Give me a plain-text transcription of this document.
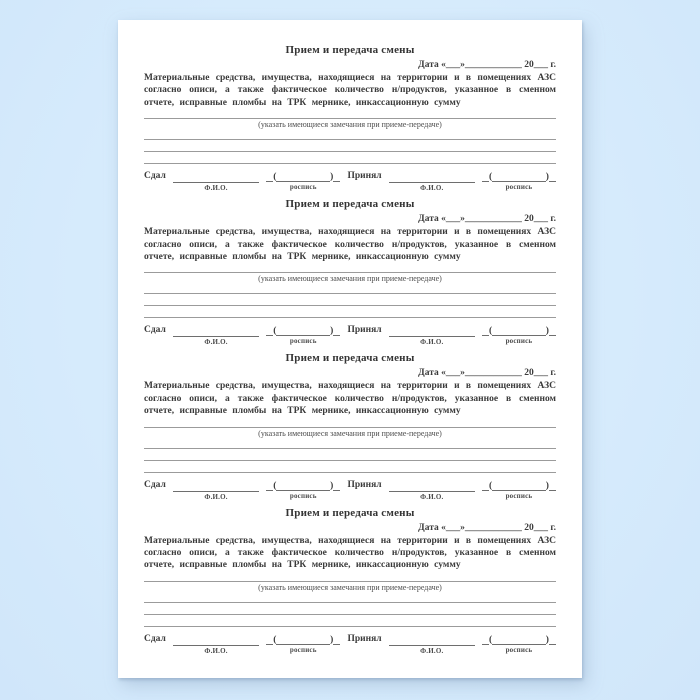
Прием и передача смены
Дата «___»____________ 20___ г.
Материальные средства, имущества, находящиеся на территории и в помещениях АЗС
согласно описи, а также фактическое количество н/продуктов, указанное в сменном
отчете, исправные пломбы на ТРК мернике, инкассационную сумму
(указать имеющиеся замечания при приеме-передаче)
Сдал
Ф.И.О.
(	)
роспись
Принял
Ф.И.О.
(	)
роспись
Прием и передача смены
Дата «___»____________ 20___ г.
Материальные средства, имущества, находящиеся на территории и в помещениях АЗС
согласно описи, а также фактическое количество н/продуктов, указанное в сменном
отчете, исправные пломбы на ТРК мернике, инкассационную сумму
(указать имеющиеся замечания при приеме-передаче)
Сдал
Ф.И.О.
(	)
роспись
Принял
Ф.И.О.
(	)
роспись
Прием и передача смены
Дата «___»____________ 20___ г.
Материальные средства, имущества, находящиеся на территории и в помещениях АЗС
согласно описи, а также фактическое количество н/продуктов, указанное в сменном
отчете, исправные пломбы на ТРК мернике, инкассационную сумму
(указать имеющиеся замечания при приеме-передаче)
Сдал
Ф.И.О.
(	)
роспись
Принял
Ф.И.О.
(	)
роспись
Прием и передача смены
Дата «___»____________ 20___ г.
Материальные средства, имущества, находящиеся на территории и в помещениях АЗС
согласно описи, а также фактическое количество н/продуктов, указанное в сменном
отчете, исправные пломбы на ТРК мернике, инкассационную сумму
(указать имеющиеся замечания при приеме-передаче)
Сдал
Ф.И.О.
(	)
роспись
Принял
Ф.И.О.
(	)
роспись
